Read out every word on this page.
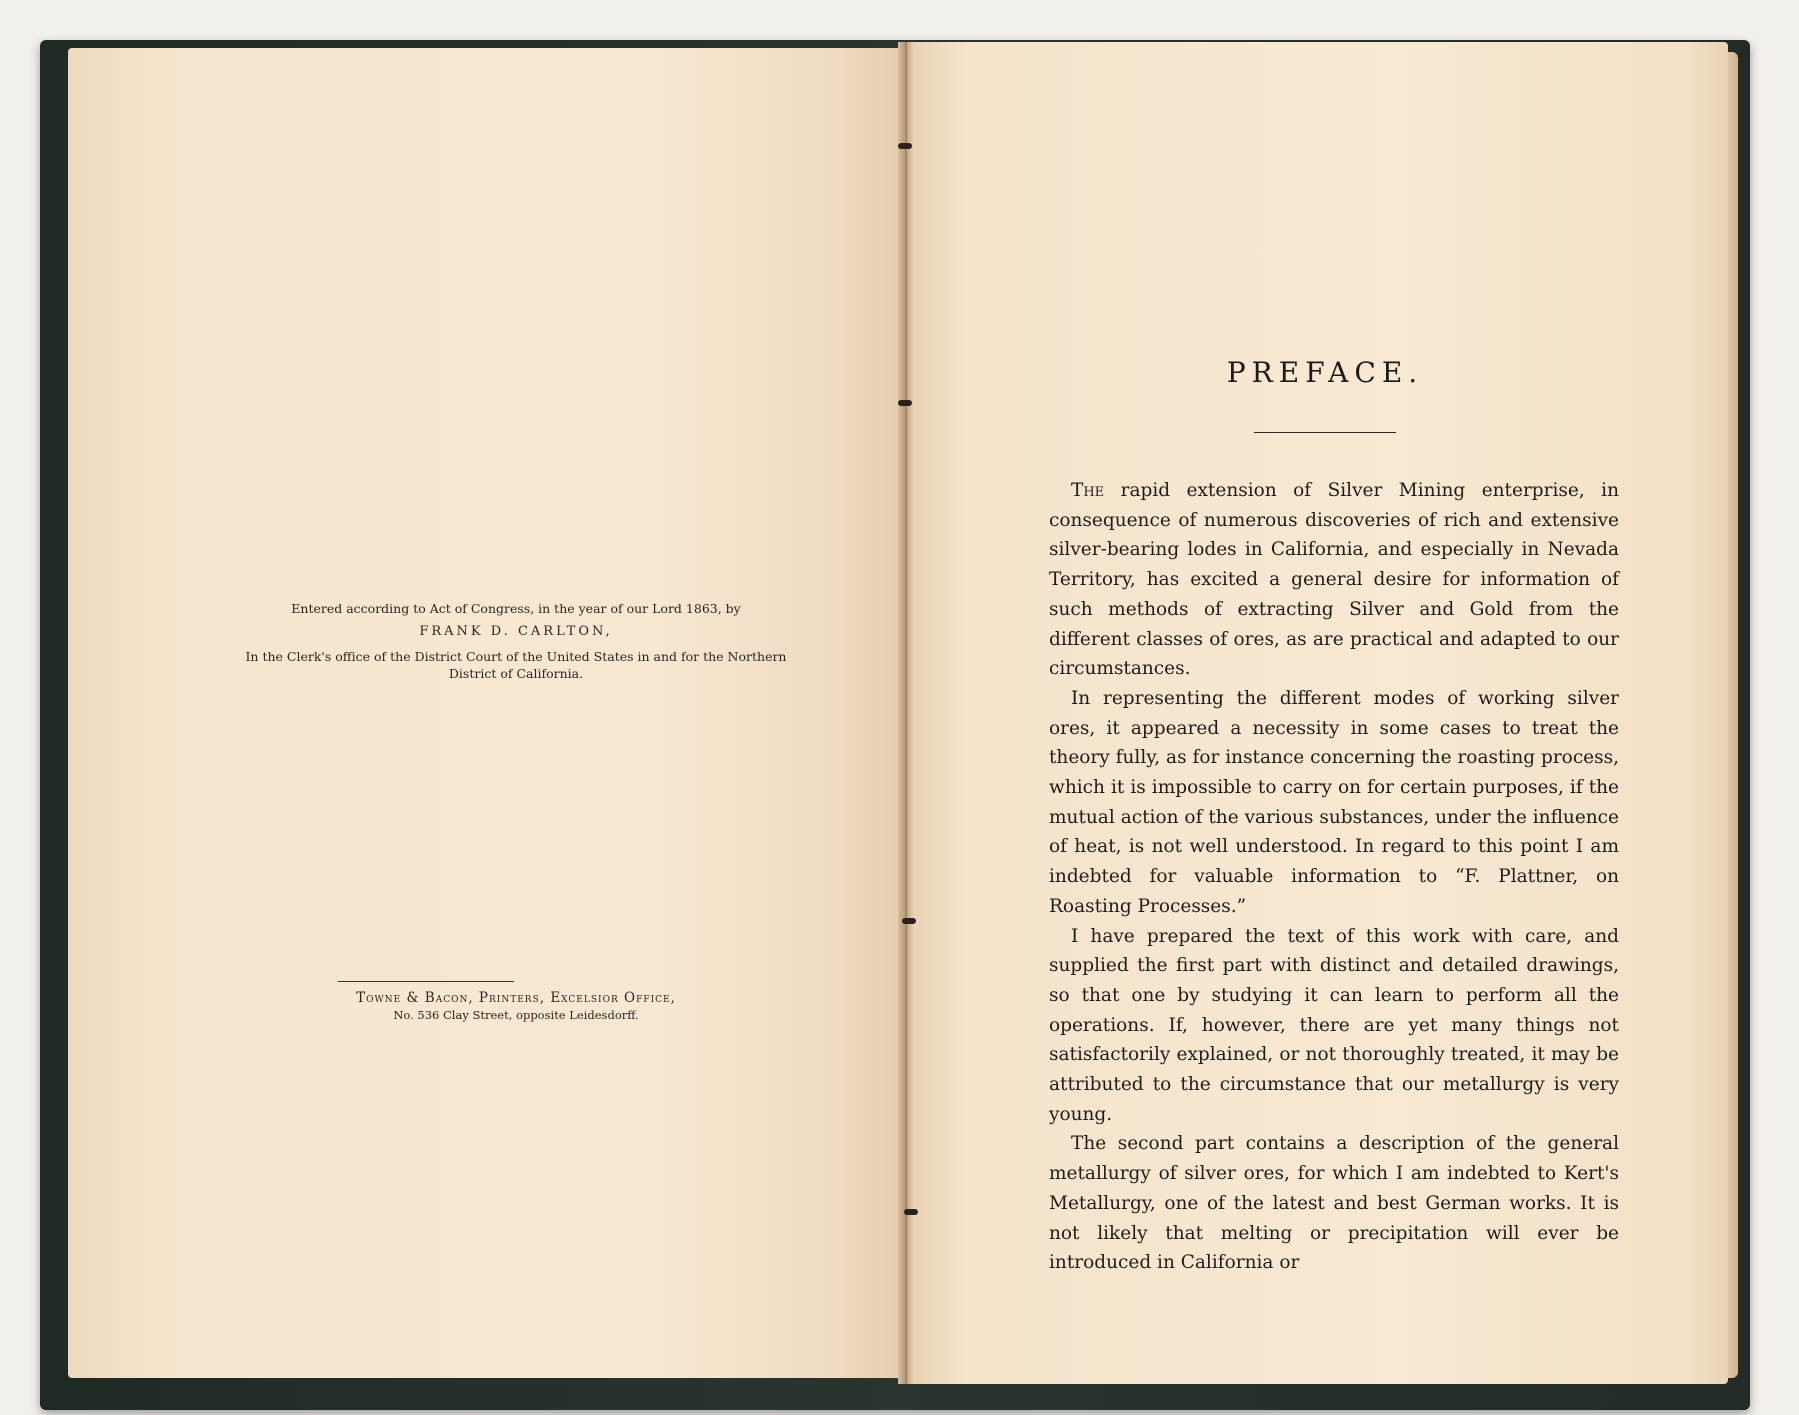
Entered according to Act of Congress, in the year of our Lord 1863, by

FRANK D. CARLTON,

In the Clerk's office of the District Court of the United States in and for the Northern District of California.

Towne & Bacon, Printers, Excelsior Office,

No. 536 Clay Street, opposite Leidesdorff.

PREFACE.

The rapid extension of Silver Mining enterprise, in consequence of numerous discoveries of rich and extensive silver-bearing lodes in California, and especially in Nevada Territory, has excited a general desire for information of such methods of extracting Silver and Gold from the different classes of ores, as are practical and adapted to our circumstances.

In representing the different modes of working silver ores, it appeared a necessity in some cases to treat the theory fully, as for instance concerning the roasting process, which it is impossible to carry on for certain purposes, if the mutual action of the various substances, under the influence of heat, is not well understood. In regard to this point I am indebted for valuable information to “F. Plattner, on Roasting Processes.”

I have prepared the text of this work with care, and supplied the first part with distinct and detailed drawings, so that one by studying it can learn to perform all the operations. If, however, there are yet many things not satisfactorily explained, or not thoroughly treated, it may be attributed to the circumstance that our metallurgy is very young.

The second part contains a description of the general metallurgy of silver ores, for which I am indebted to Kert's Metallurgy, one of the latest and best German works. It is not likely that melting or precipitation will ever be introduced in California or
